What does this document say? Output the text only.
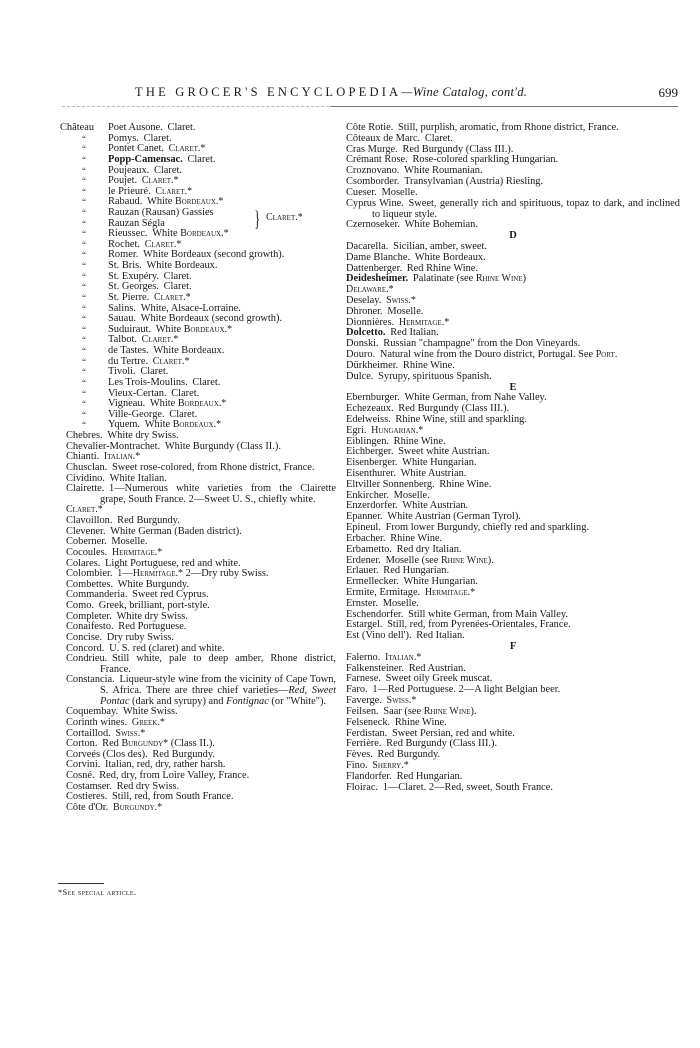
THE GROCER'S ENCYCLOPEDIA—Wine Catalog, cont'd.	699
Château Poet Ausone. Claret.
“ Pomys. Claret.
“ Pontet Canet. Claret.*
“ Popp-Camensac. Claret.
“ Poujeaux. Claret.
“ Poujet. Claret.*
“ le Prieuré. Claret.*
“ Rabaud. White Bordeaux.*
“ Rauzan (Rausan) Gassies
“ Rauzan Ségla	} Claret.*
“ Rieussec. White Bordeaux.*
“ Rochet. Claret.*
“ Romer. White Bordeaux (second growth).
“ St. Bris. White Bordeaux.
“ St. Exupéry. Claret.
“ St. Georges. Claret.
“ St. Pierre. Claret.*
“ Salins. White, Alsace-Lorraine.
“ Sauau. White Bordeaux (second growth).
“ Suduiraut. White Bordeaux.*
“ Talbot. Claret.*
“ de Tastes. White Bordeaux.
“ du Tertre. Claret.*
“ Tivoli. Claret.
“ Les Trois-Moulins. Claret.
“ Vieux-Certan. Claret.
“ Vigneau. White Bordeaux.*
“ Ville-George. Claret.
“ Yquem. White Bordeaux.*
Chebres. White dry Swiss.
Chevalier-Montrachet. White Burgundy (Class II.).
Chianti. Italian.*
Chusclan. Sweet rose-colored, from Rhone district, France.
Cividino. White Italian.
Clairette. 1—Numerous white varieties from the Clairette grape, South France. 2—Sweet U. S., chiefly white.
Claret.*
Clavoillon. Red Burgundy.
Clevener. White German (Baden district).
Coberner. Moselle.
Cocoules. Hermitage.*
Colares. Light Portuguese, red and white.
Colombier. 1—Hermitage.* 2—Dry ruby Swiss.
Combettes. White Burgundy.
Commanderia. Sweet red Cyprus.
Como. Greek, brilliant, port-style.
Completer. White dry Swiss.
Conaifesto. Red Portuguese.
Concise. Dry ruby Swiss.
Concord. U. S. red (claret) and white.
Condrieu. Still white, pale to deep amber, Rhone district, France.
Constancia. Liqueur-style wine from the vicinity of Cape Town, S. Africa. There are three chief varieties—Red, Sweet Pontac (dark and syrupy) and Fontignac (or "White").
Coquembay. White Swiss.
Corinth wines. Greek.*
Cortaillod. Swiss.*
Corton. Red Burgundy* (Class II.).
Corveés (Clos des). Red Burgundy.
Corvini. Italian, red, dry, rather harsh.
Cosné. Red, dry, from Loire Valley, France.
Costamser. Red dry Swiss.
Costieres. Still, red, from South France.
Côte d'Or. Burgundy.*
Côte Rotie. Still, purplish, aromatic, from Rhone district, France.
Côteaux de Marc. Claret.
Cras Murge. Red Burgundy (Class III.).
Crémant Rose. Rose-colored sparkling Hungarian.
Croznovano. White Roumanian.
Csomborder. Transylvanian (Austria) Riesling.
Cueser. Moselle.
Cyprus Wine. Sweet, generally rich and spirituous, topaz to dark, and inclined to liqueur style.
Czernoseker. White Bohemian.
D
Dacarella. Sicilian, amber, sweet.
Dame Blanche. White Bordeaux.
Dattenberger. Red Rhine Wine.
Deidesheimer. Palatinate (see Rhine Wine)
Delaware.*
Deselay. Swiss.*
Dhroner. Moselle.
Dionnières. Hermitage.*
Dolcetto. Red Italian.
Donski. Russian "champagne" from the Don Vineyards.
Douro. Natural wine from the Douro district, Portugal. See Port.
Dürkheimer. Rhine Wine.
Dulce. Syrupy, spirituous Spanish.
E
Ebernburger. White German, from Nahe Valley.
Echezeaux. Red Burgundy (Class III.).
Edelweiss. Rhine Wine, still and sparkling.
Egri. Hungarian.*
Eiblingen. Rhine Wine.
Eichberger. Sweet white Austrian.
Eisenberger. White Hungarian.
Eisenthurer. White Austrian.
Eltviller Sonnenberg. Rhine Wine.
Enkircher. Moselle.
Enzerdorfer. White Austrian.
Epanner. White Austrian (German Tyrol).
Epineul. From lower Burgundy, chiefly red and sparkling.
Erbacher. Rhine Wine.
Erbametto. Red dry Italian.
Erdener. Moselle (see Rhine Wine).
Erlauer. Red Hungarian.
Ermellecker. White Hungarian.
Ermite, Ermitage. Hermitage.*
Ernster. Moselle.
Eschendorfer. Still white German, from Main Valley.
Estargel. Still, red, from Pyrenées-Orientales, France.
Est (Vino dell'). Red Italian.
F
Falerno. Italian.*
Falkensteiner. Red Austrian.
Farnese. Sweet oily Greek muscat.
Faro. 1—Red Portuguese. 2—A light Belgian beer.
Faverge. Swiss.*
Feilsen. Saar (see Rhine Wine).
Felseneck. Rhine Wine.
Ferdistan. Sweet Persian, red and white.
Ferrière. Red Burgundy (Class III.).
Fèves. Red Burgundy.
Fino. Sherry.*
Flandorfer. Red Hungarian.
Floirac. 1—Claret. 2—Red, sweet, South France.
*See special article.
